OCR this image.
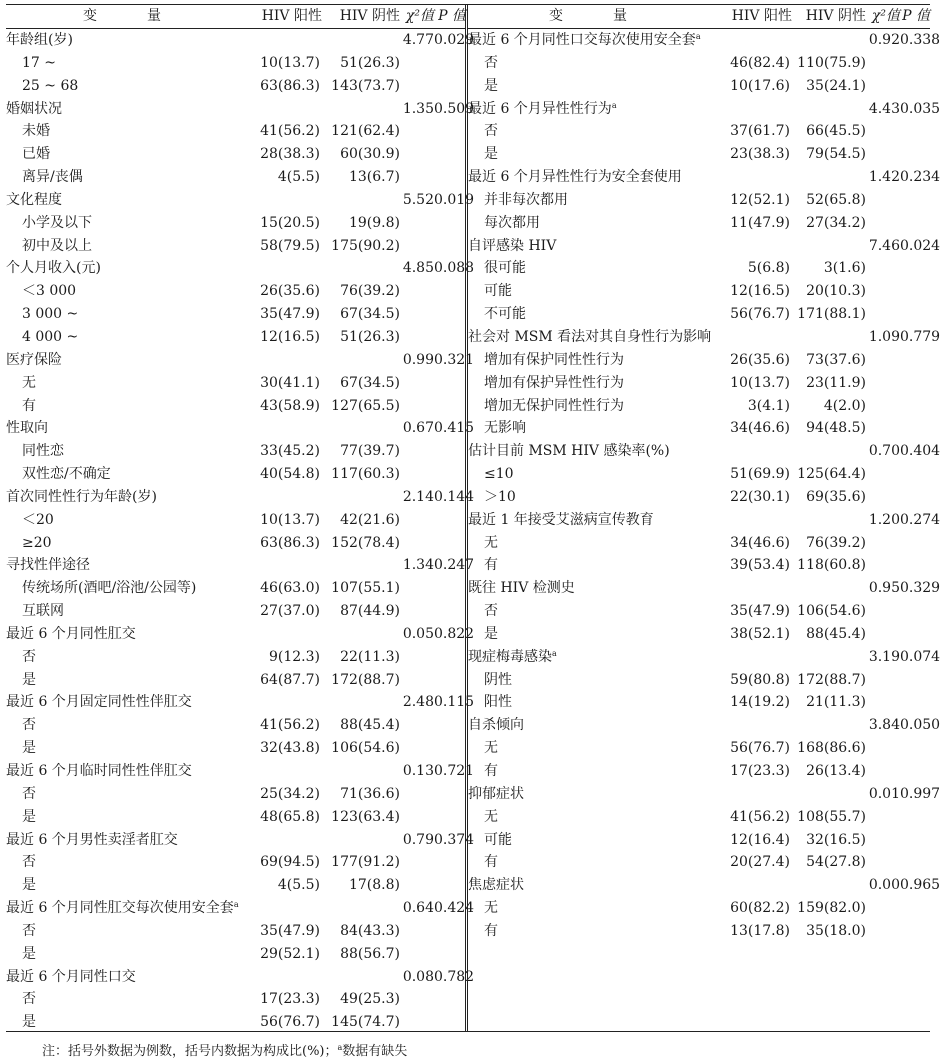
变　量	HIV 阳性	HIV 阴性	χ²值	P 值
年龄组(岁)			4.77	0.029
17 ~	10(13.7)	51(26.3)		
25 ~ 68	63(86.3)	143(73.7)		
婚姻状况			1.35	0.509
未婚	41(56.2)	121(62.4)		
已婚	28(38.3)	60(30.9)		
离异/丧偶	4(5.5)	13(6.7)		
文化程度			5.52	0.019
小学及以下	15(20.5)	19(9.8)		
初中及以上	58(79.5)	175(90.2)		
个人月收入(元)			4.85	0.088
＜3 000	26(35.6)	76(39.2)		
3 000 ~	35(47.9)	67(34.5)		
4 000 ~	12(16.5)	51(26.3)		
医疗保险			0.99	0.321
无	30(41.1)	67(34.5)		
有	43(58.9)	127(65.5)		
性取向			0.67	0.415
同性恋	33(45.2)	77(39.7)		
双性恋/不确定	40(54.8)	117(60.3)		
首次同性性行为年龄(岁)			2.14	0.144
＜20	10(13.7)	42(21.6)		
≥20	63(86.3)	152(78.4)		
寻找性伴途径			1.34	0.247
传统场所(酒吧/浴池/公园等)	46(63.0)	107(55.1)		
互联网	27(37.0)	87(44.9)		
最近 6 个月同性肛交			0.05	0.822
否	9(12.3)	22(11.3)		
是	64(87.7)	172(88.7)		
最近 6 个月固定同性性伴肛交			2.48	0.115
否	41(56.2)	88(45.4)		
是	32(43.8)	106(54.6)		
最近 6 个月临时同性性伴肛交			0.13	0.721
否	25(34.2)	71(36.6)		
是	48(65.8)	123(63.4)		
最近 6 个月男性卖淫者肛交			0.79	0.374
否	69(94.5)	177(91.2)		
是	4(5.5)	17(8.8)		
最近 6 个月同性肛交每次使用安全套$^a$			0.64	0.424
否	35(47.9)	84(43.3)		
是	29(52.1)	88(56.7)		
最近 6 个月同性口交			0.08	0.782
否	17(23.3)	49(25.3)		
是	56(76.7)	145(74.7)		
变　量	HIV 阳性	HIV 阴性	χ²值	P 值
最近 6 个月同性口交每次使用安全套$^a$			0.92	0.338
否	46(82.4)	110(75.9)		
是	10(17.6)	35(24.1)		
最近 6 个月异性性行为$^a$			4.43	0.035
否	37(61.7)	66(45.5)		
是	23(38.3)	79(54.5)		
最近 6 个月异性性行为安全套使用			1.42	0.234
并非每次都用	12(52.1)	52(65.8)		
每次都用	11(47.9)	27(34.2)		
自评感染 HIV			7.46	0.024
很可能	5(6.8)	3(1.6)		
可能	12(16.5)	20(10.3)		
不可能	56(76.7)	171(88.1)		
社会对 MSM 看法对其自身性行为影响			1.09	0.779
增加有保护同性性行为	26(35.6)	73(37.6)		
增加有保护异性性行为	10(13.7)	23(11.9)		
增加无保护同性性行为	3(4.1)	4(2.0)		
无影响	34(46.6)	94(48.5)		
估计目前 MSM HIV 感染率(%)			0.70	0.404
≤10	51(69.9)	125(64.4)		
＞10	22(30.1)	69(35.6)		
最近 1 年接受艾滋病宣传教育			1.20	0.274
无	34(46.6)	76(39.2)		
有	39(53.4)	118(60.8)		
既往 HIV 检测史			0.95	0.329
否	35(47.9)	106(54.6)		
是	38(52.1)	88(45.4)		
现症梅毒感染$^a$			3.19	0.074
阴性	59(80.8)	172(88.7)		
阳性	14(19.2)	21(11.3)		
自杀倾向			3.84	0.050
无	56(76.7)	168(86.6)		
有	17(23.3)	26(13.4)		
抑郁症状			0.01	0.997
无	41(56.2)	108(55.7)		
可能	12(16.4)	32(16.5)		
有	20(27.4)	54(27.8)		
焦虑症状			0.00	0.965
无	60(82.2)	159(82.0)		
有	13(17.8)	35(18.0)		
注：括号外数据为例数，括号内数据为构成比(%)；$^a$数据有缺失
